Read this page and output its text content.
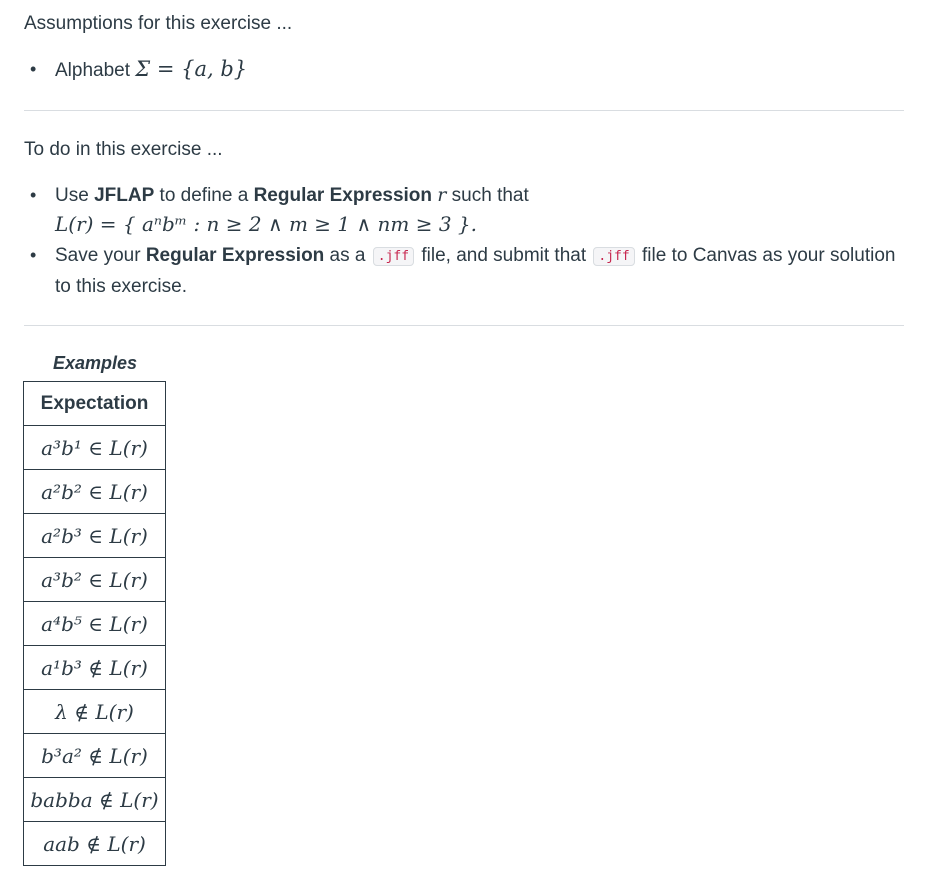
Assumptions for this exercise ...
•
Alphabet Σ = {a, b}
To do in this exercise ...
•
Use JFLAP to define a Regular Expression r such that
L(r) = { aⁿbᵐ : n ≥ 2 ∧ m ≥ 1 ∧ nm ≥ 3 }.
•
Save your Regular Expression as a .jff file, and submit that .jff file to Canvas as your solution to this exercise.
Examples
Expectation
a³b¹ ∈ L(r)
a²b² ∈ L(r)
a²b³ ∈ L(r)
a³b² ∈ L(r)
a⁴b⁵ ∈ L(r)
a¹b³ ∉ L(r)
λ ∉ L(r)
b³a² ∉ L(r)
babba ∉ L(r)
aab ∉ L(r)
